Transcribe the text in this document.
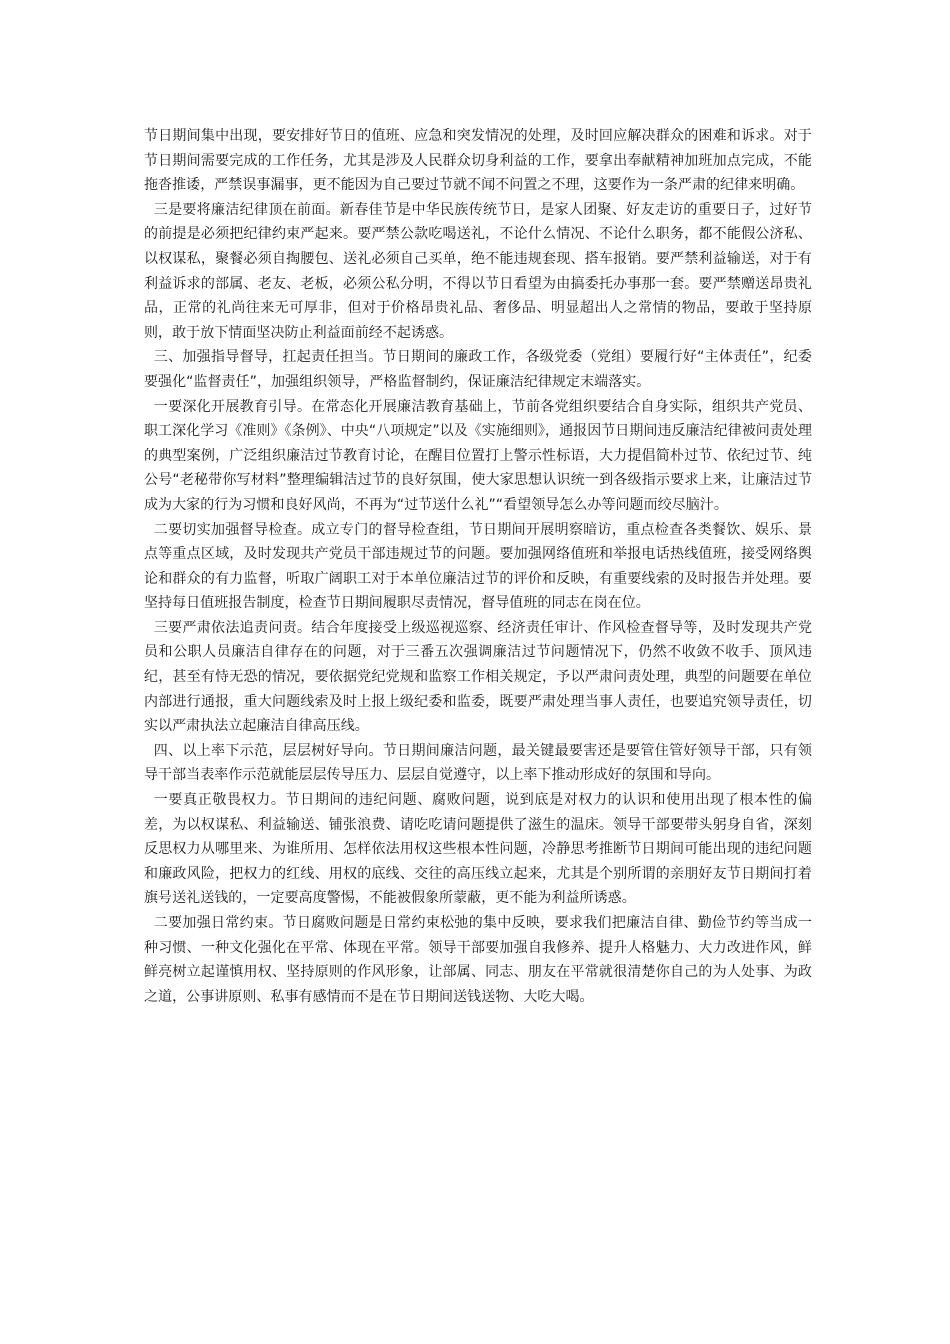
节日期间集中出现，要安排好节日的值班、应急和突发情况的处理，及时回应解决群众的困难和诉求。对于节日期间需要完成的工作任务，尤其是涉及人民群众切身利益的工作，要拿出奉献精神加班加点完成，不能拖沓推诿，严禁误事漏事，更不能因为自己要过节就不闻不问置之不理，这要作为一条严肃的纪律来明确。

三是要将廉洁纪律顶在前面。新春佳节是中华民族传统节日，是家人团聚、好友走访的重要日子，过好节的前提是必须把纪律约束严起来。要严禁公款吃喝送礼，不论什么情况、不论什么职务，都不能假公济私、以权谋私，聚餐必须自掏腰包、送礼必须自己买单，绝不能违规套现、搭车报销。要严禁利益输送，对于有利益诉求的部属、老友、老板，必须公私分明，不得以节日看望为由搞委托办事那一套。要严禁赠送昂贵礼品，正常的礼尚往来无可厚非，但对于价格昂贵礼品、奢侈品、明显超出人之常情的物品，要敢于坚持原则，敢于放下情面坚决防止利益面前经不起诱惑。

三、加强指导督导，扛起责任担当。节日期间的廉政工作，各级党委（党组）要履行好“主体责任”，纪委要强化“监督责任”，加强组织领导，严格监督制约，保证廉洁纪律规定末端落实。

一要深化开展教育引导。在常态化开展廉洁教育基础上，节前各党组织要结合自身实际，组织共产党员、职工深化学习《准则》《条例》、中央“八项规定”以及《实施细则》，通报因节日期间违反廉洁纪律被问责处理的典型案例，广泛组织廉洁过节教育讨论，在醒目位置打上警示性标语，大力提倡简朴过节、依纪过节、纯公号“老秘带你写材料”整理编辑洁过节的良好氛围，使大家思想认识统一到各级指示要求上来，让廉洁过节成为大家的行为习惯和良好风尚，不再为“过节送什么礼”“看望领导怎么办等问题而绞尽脑汁。

二要切实加强督导检查。成立专门的督导检查组，节日期间开展明察暗访，重点检查各类餐饮、娱乐、景点等重点区域，及时发现共产党员干部违规过节的问题。要加强网络值班和举报电话热线值班，接受网络舆论和群众的有力监督，听取广阔职工对于本单位廉洁过节的评价和反映，有重要线索的及时报告并处理。要坚持每日值班报告制度，检查节日期间履职尽责情况，督导值班的同志在岗在位。

三要严肃依法追责问责。结合年度接受上级巡视巡察、经济责任审计、作风检查督导等，及时发现共产党员和公职人员廉洁自律存在的问题，对于三番五次强调廉洁过节问题情况下，仍然不收敛不收手、顶风违纪，甚至有恃无恐的情况，要依据党纪党规和监察工作相关规定，予以严肃问责处理，典型的问题要在单位内部进行通报，重大问题线索及时上报上级纪委和监委，既要严肃处理当事人责任，也要追究领导责任，切实以严肃执法立起廉洁自律高压线。

四、以上率下示范，层层树好导向。节日期间廉洁问题，最关键最要害还是要管住管好领导干部，只有领导干部当表率作示范就能层层传导压力、层层自觉遵守，以上率下推动形成好的氛围和导向。

一要真正敬畏权力。节日期间的违纪问题、腐败问题，说到底是对权力的认识和使用出现了根本性的偏差，为以权谋私、利益输送、铺张浪费、请吃吃请问题提供了滋生的温床。领导干部要带头躬身自省，深刻反思权力从哪里来、为谁所用、怎样依法用权这些根本性问题，冷静思考推断节日期间可能出现的违纪问题和廉政风险，把权力的红线、用权的底线、交往的高压线立起来，尤其是个别所谓的亲朋好友节日期间打着旗号送礼送钱的，一定要高度警惕，不能被假象所蒙蔽，更不能为利益所诱惑。

二要加强日常约束。节日腐败问题是日常约束松弛的集中反映，要求我们把廉洁自律、勤俭节约等当成一种习惯、一种文化强化在平常、体现在平常。领导干部要加强自我修养、提升人格魅力、大力改进作风，鲜鲜亮树立起谨慎用权、坚持原则的作风形象，让部属、同志、朋友在平常就很清楚你自己的为人处事、为政之道，公事讲原则、私事有感情而不是在节日期间送钱送物、大吃大喝。
